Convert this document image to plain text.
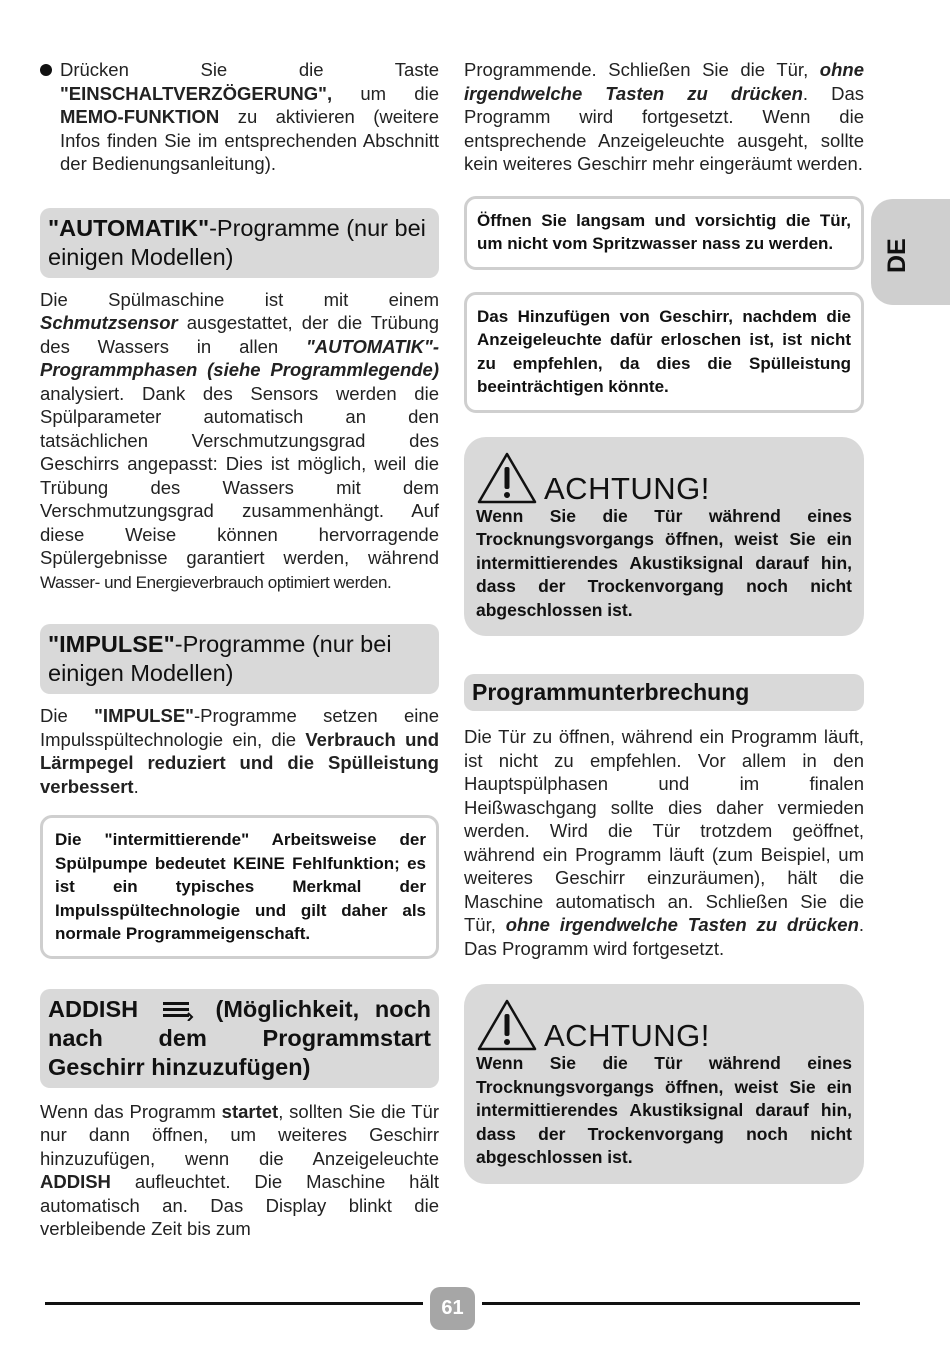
DE

Drücken Sie die Taste "EINSCHALTVERZÖGERUNG", um die MEMO-FUNKTION zu aktivieren (weitere Infos finden Sie im entsprechenden Abschnitt der Bedienungsanleitung).

"AUTOMATIK"-Programme (nur bei einigen Modellen)

Die Spülmaschine ist mit einem Schmutzsensor ausgestattet, der die Trübung des Wassers in allen "AUTOMATIK"-Programmphasen (siehe Programmlegende) analysiert. Dank des Sensors werden die Spülparameter automatisch an den tatsächlichen Verschmutzungsgrad des Geschirrs angepasst: Dies ist möglich, weil die Trübung des Wassers mit dem Verschmutzungsgrad zusammenhängt. Auf diese Weise können hervorragende Spülergebnisse garantiert werden, während Wasser- und Energieverbrauch optimiert werden.

"IMPULSE"-Programme (nur bei einigen Modellen)

Die "IMPULSE"-Programme setzen eine Impulsspültechnologie ein, die Verbrauch und Lärmpegel reduziert und die Spülleistung verbessert.

Die "intermittierende" Arbeitsweise der Spülpumpe bedeutet KEINE Fehlfunktion; es ist ein typisches Merkmal der Impulsspültechnologie und gilt daher als normale Programmeigenschaft.
ADDISH	(Möglichkeit, noch nach dem Programmstart Geschirr hinzuzufügen)

Wenn das Programm startet, sollten Sie die Tür nur dann öffnen, um weiteres Geschirr hinzuzufügen, wenn die Anzeigeleuchte ADDISH aufleuchtet. Die Maschine hält automatisch an. Das Display blinkt die verbleibende Zeit bis zum

Programmende. Schließen Sie die Tür, ohne irgendwelche Tasten zu drücken. Das Programm wird fortgesetzt. Wenn die entsprechende Anzeigeleuchte ausgeht, sollte kein weiteres Geschirr mehr eingeräumt werden.

Öffnen Sie langsam und vorsichtig die Tür, um nicht vom Spritzwasser nass zu werden.
Das Hinzufügen von Geschirr, nachdem die Anzeigeleuchte dafür erloschen ist, ist nicht zu empfehlen, da dies die Spülleistung beeinträchtigen könnte.
ACHTUNG!
Wenn Sie die Tür während eines Trocknungsvorgangs öffnen, weist Sie ein intermittierendes Akustiksignal darauf hin, dass der Trockenvorgang noch nicht abgeschlossen ist.
Programmunterbrechung

Die Tür zu öffnen, während ein Programm läuft, ist nicht zu empfehlen. Vor allem in den Hauptspülphasen und im finalen Heißwaschgang sollte dies daher vermieden werden. Wird die Tür trotzdem geöffnet, während ein Programm läuft (zum Beispiel, um weiteres Geschirr einzuräumen), hält die Maschine automatisch an. Schließen Sie die Tür, ohne irgendwelche Tasten zu drücken. Das Programm wird fortgesetzt.

ACHTUNG!
Wenn Sie die Tür während eines Trocknungsvorgangs öffnen, weist Sie ein intermittierendes Akustiksignal darauf hin, dass der Trockenvorgang noch nicht abgeschlossen ist.
61
